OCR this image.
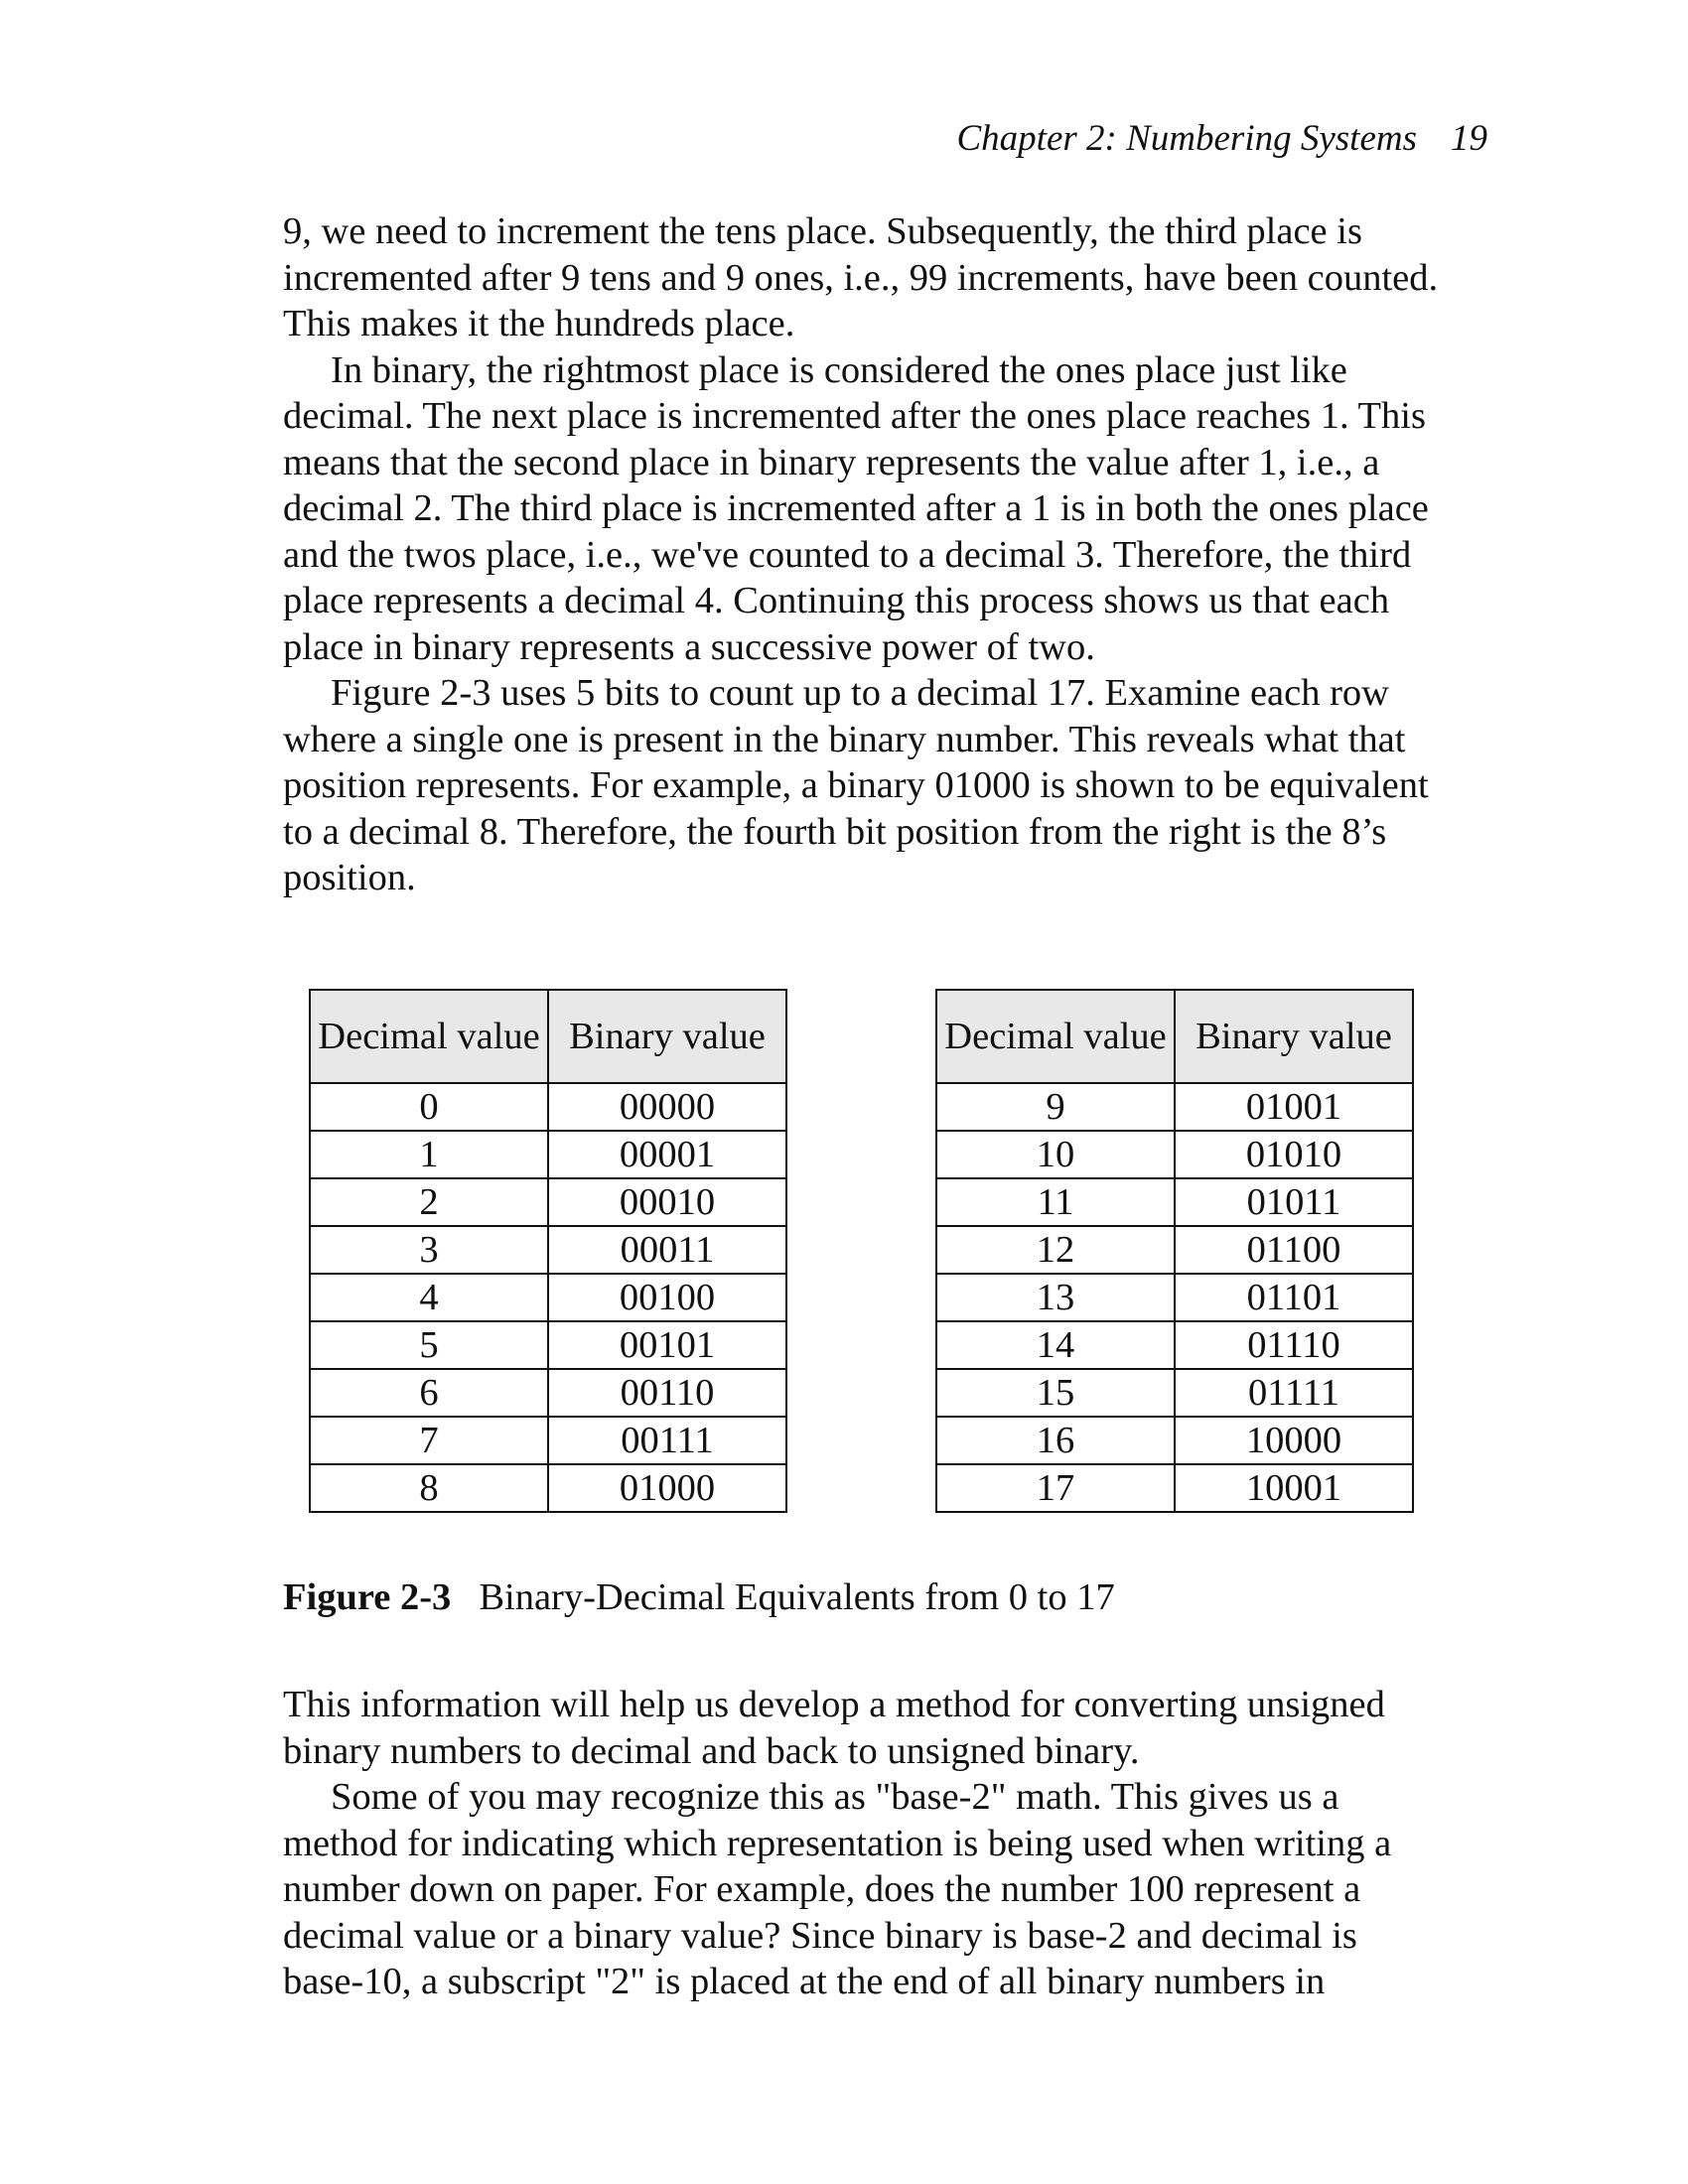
Chapter 2: Numbering Systems 19

9, we need to increment the tens place. Subsequently, the third place is incremented after 9 tens and 9 ones, i.e., 99 increments, have been counted. This makes it the hundreds place.

In binary, the rightmost place is considered the ones place just like decimal. The next place is incremented after the ones place reaches 1. This means that the second place in binary represents the value after 1, i.e., a decimal 2. The third place is incremented after a 1 is in both the ones place and the twos place, i.e., we've counted to a decimal 3. Therefore, the third place represents a decimal 4. Continuing this process shows us that each place in binary represents a successive power of two.

Figure 2-3 uses 5 bits to count up to a decimal 17. Examine each row where a single one is present in the binary number. This reveals what that position represents. For example, a binary 01000 is shown to be equivalent to a decimal 8. Therefore, the fourth bit position from the right is the 8’s position.

Decimal value	Binary value
0	00000
1	00001
2	00010
3	00011
4	00100
5	00101
6	00110
7	00111
8	01000
Decimal value	Binary value
9	01001
10	01010
11	01011
12	01100
13	01101
14	01110
15	01111
16	10000
17	10001
Figure 2-3 Binary-Decimal Equivalents from 0 to 17

This information will help us develop a method for converting unsigned binary numbers to decimal and back to unsigned binary.

Some of you may recognize this as "base-2" math. This gives us a method for indicating which representation is being used when writing a number down on paper. For example, does the number 100 represent a decimal value or a binary value? Since binary is base-2 and decimal is base-10, a subscript "2" is placed at the end of all binary numbers in
